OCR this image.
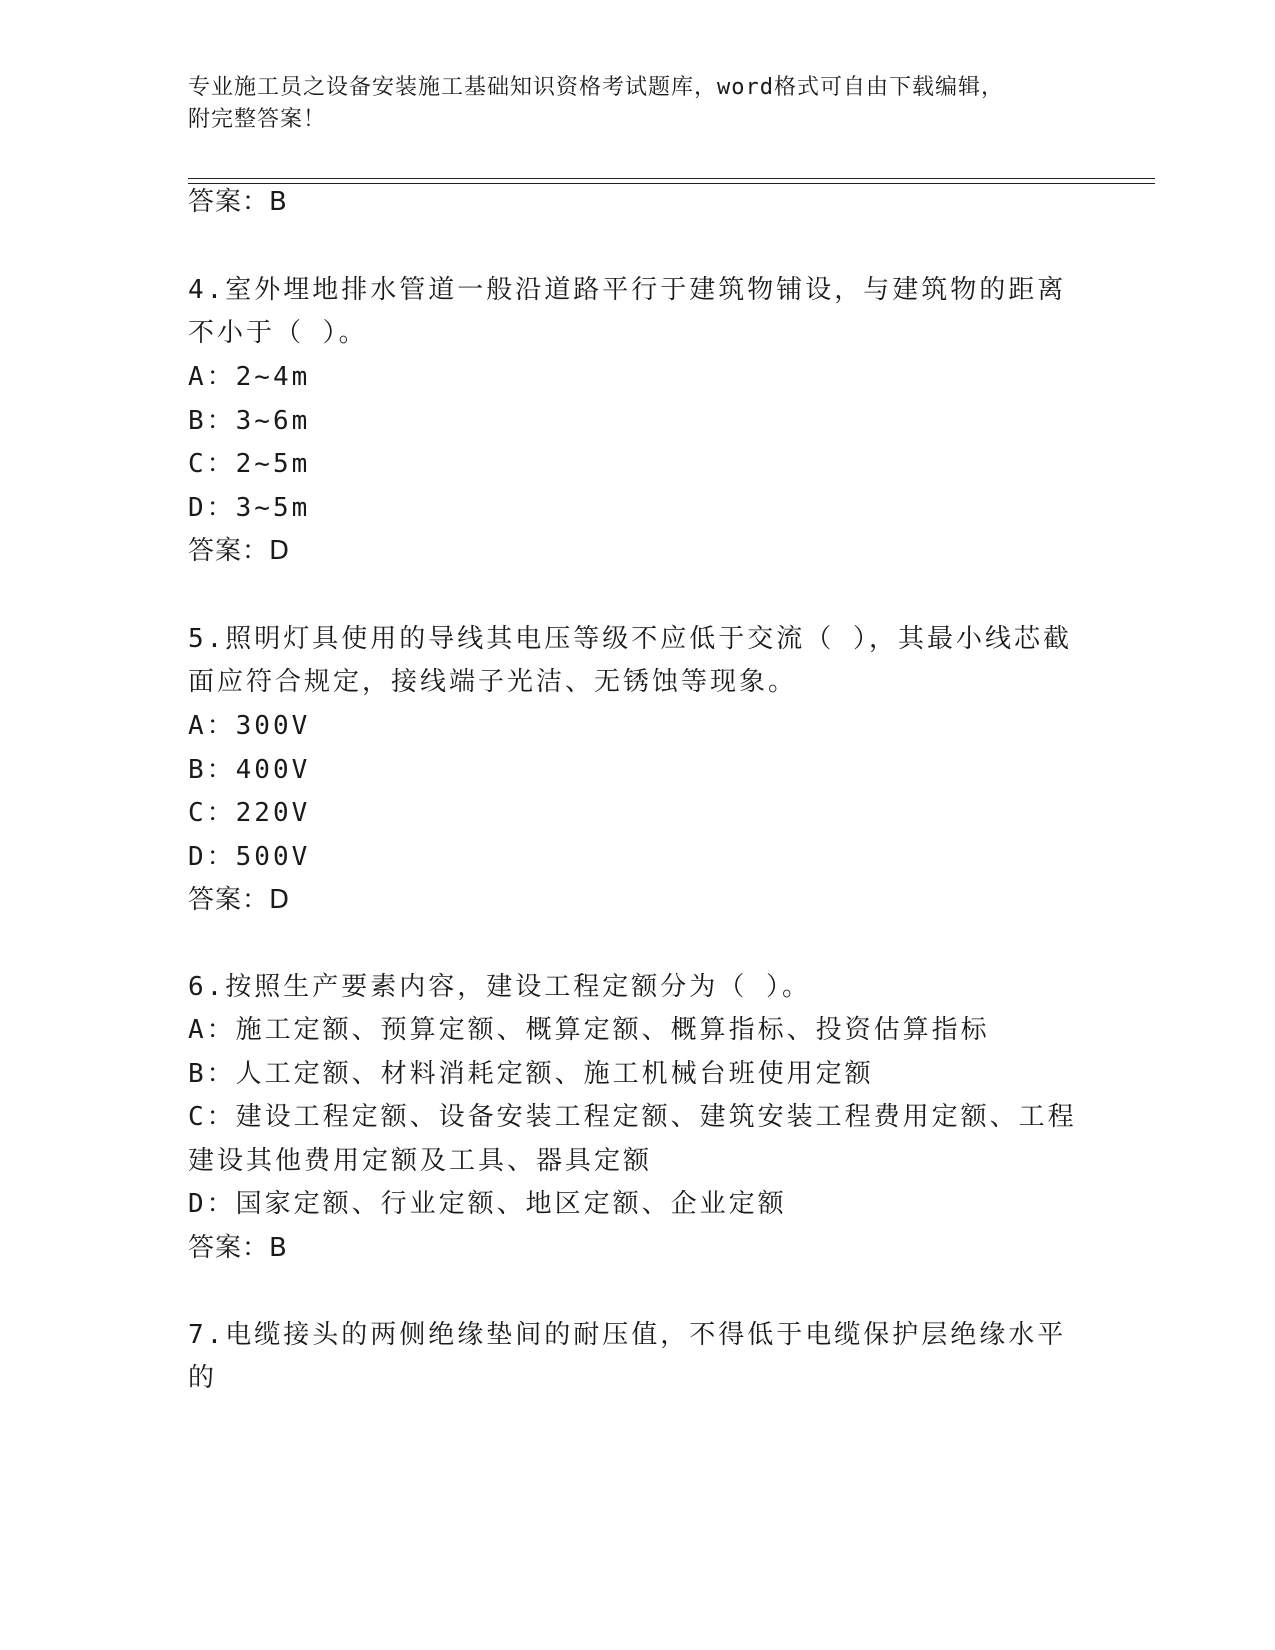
专业施工员之设备安装施工基础知识资格考试题库，word格式可自由下载编辑，
附完整答案！
答案：B
4.室外埋地排水管道一般沿道路平行于建筑物铺设，与建筑物的距离
不小于（ ）。
A：2~4m
B：3~6m
C：2~5m
D：3~5m
答案：D
5.照明灯具使用的导线其电压等级不应低于交流（ ），其最小线芯截
面应符合规定，接线端子光洁、无锈蚀等现象。
A：300V
B：400V
C：220V
D：500V
答案：D
6.按照生产要素内容，建设工程定额分为（ ）。
A：施工定额、预算定额、概算定额、概算指标、投资估算指标
B：人工定额、材料消耗定额、施工机械台班使用定额
C：建设工程定额、设备安装工程定额、建筑安装工程费用定额、工程
建设其他费用定额及工具、器具定额
D：国家定额、行业定额、地区定额、企业定额
答案：B
7.电缆接头的两侧绝缘垫间的耐压值，不得低于电缆保护层绝缘水平
的
